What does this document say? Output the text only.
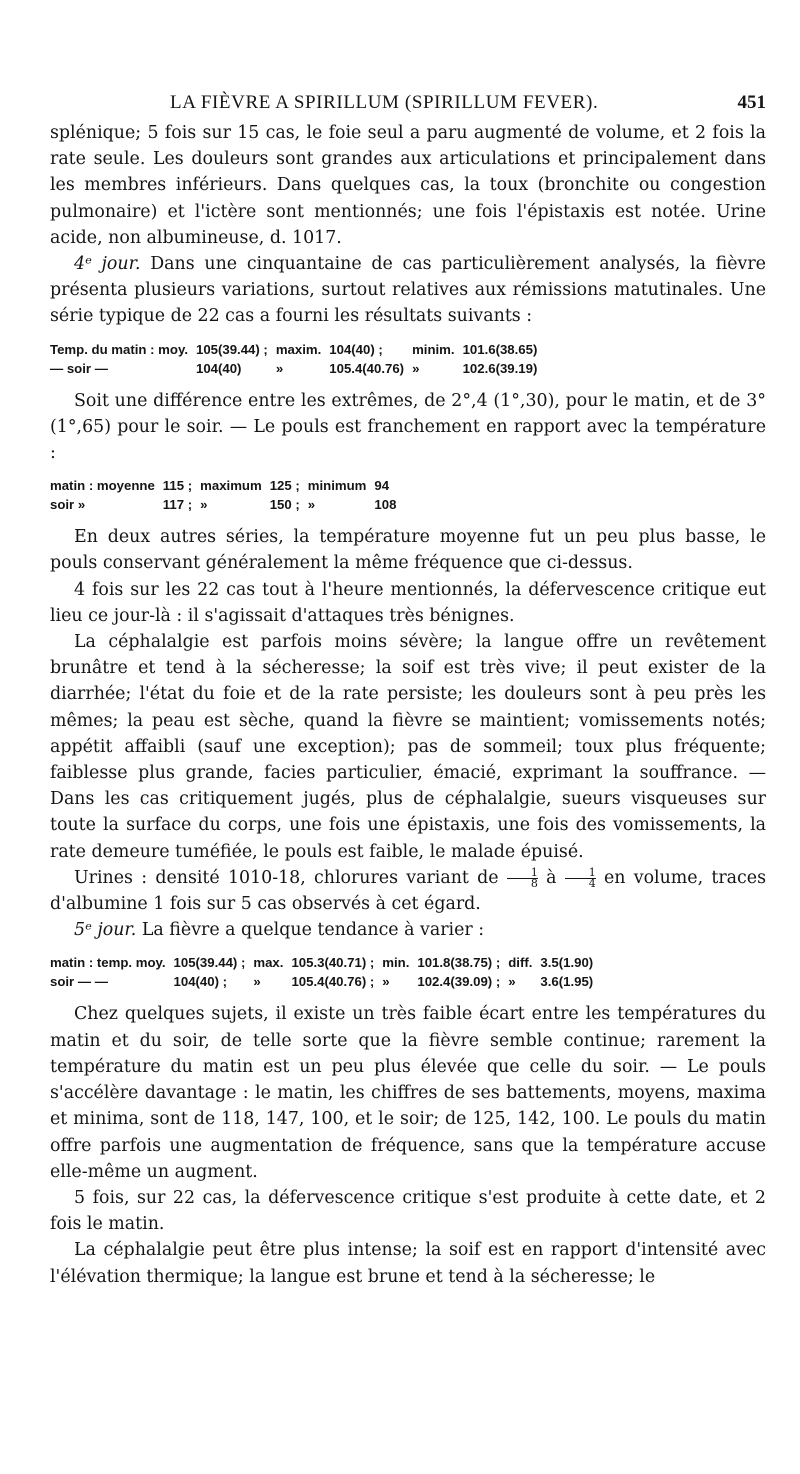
LA FIÈVRE A SPIRILLUM (SPIRILLUM FEVER).	451

splénique; 5 fois sur 15 cas, le foie seul a paru augmenté de volume, et 2 fois la rate seule. Les douleurs sont grandes aux articulations et principalement dans les membres inférieurs. Dans quelques cas, la toux (bronchite ou congestion pulmonaire) et l'ictère sont mentionnés; une fois l'épistaxis est notée. Urine acide, non albumineuse, d. 1017.

4ᵉ jour. Dans une cinquantaine de cas particulièrement analysés, la fièvre présenta plusieurs variations, surtout relatives aux rémissions matutinales. Une série typique de 22 cas a fourni les résultats suivants :

Temp. du matin : moy.	105(39.44) ;	maxim.	104(40) ;	minim.	101.6(38.65)
— soir —	104(40)	»	105.4(40.76)	»	102.6(39.19)

Soit une différence entre les extrêmes, de 2°,4 (1°,30), pour le matin, et de 3° (1°,65) pour le soir. — Le pouls est franchement en rapport avec la température :

matin : moyenne	115 ;	maximum	125 ;	minimum	94
soir »	117 ;	»	150 ;	»	108

En deux autres séries, la température moyenne fut un peu plus basse, le pouls conservant généralement la même fréquence que ci-dessus.

4 fois sur les 22 cas tout à l'heure mentionnés, la défervescence critique eut lieu ce jour-là : il s'agissait d'attaques très bénignes.

La céphalalgie est parfois moins sévère; la langue offre un revêtement brunâtre et tend à la sécheresse; la soif est très vive; il peut exister de la diarrhée; l'état du foie et de la rate persiste; les douleurs sont à peu près les mêmes; la peau est sèche, quand la fièvre se maintient; vomissements notés; appétit affaibli (sauf une exception); pas de sommeil; toux plus fréquente; faiblesse plus grande, facies particulier, émacié, exprimant la souffrance. — Dans les cas critiquement jugés, plus de céphalalgie, sueurs visqueuses sur toute la surface du corps, une fois une épistaxis, une fois des vomissements, la rate demeure tuméfiée, le pouls est faible, le malade épuisé.

Urines : densité 1010-18, chlorures variant de $\frac{1}{8}$ à $\frac{1}{4}$ en volume, traces d'albumine 1 fois sur 5 cas observés à cet égard.

5ᵉ jour. La fièvre a quelque tendance à varier :

matin : temp. moy.	105(39.44) ;	max.	105.3(40.71) ;	min.	101.8(38.75) ;	diff.	3.5(1.90)
soir — —	104(40) ;	»	105.4(40.76) ;	»	102.4(39.09) ;	»	3.6(1.95)

Chez quelques sujets, il existe un très faible écart entre les températures du matin et du soir, de telle sorte que la fièvre semble continue; rarement la température du matin est un peu plus élevée que celle du soir. — Le pouls s'accélère davantage : le matin, les chiffres de ses battements, moyens, maxima et minima, sont de 118, 147, 100, et le soir; de 125, 142, 100. Le pouls du matin offre parfois une augmentation de fréquence, sans que la température accuse elle-même un augment.

5 fois, sur 22 cas, la défervescence critique s'est produite à cette date, et 2 fois le matin.

La céphalalgie peut être plus intense; la soif est en rapport d'intensité avec l'élévation thermique; la langue est brune et tend à la sécheresse; le
